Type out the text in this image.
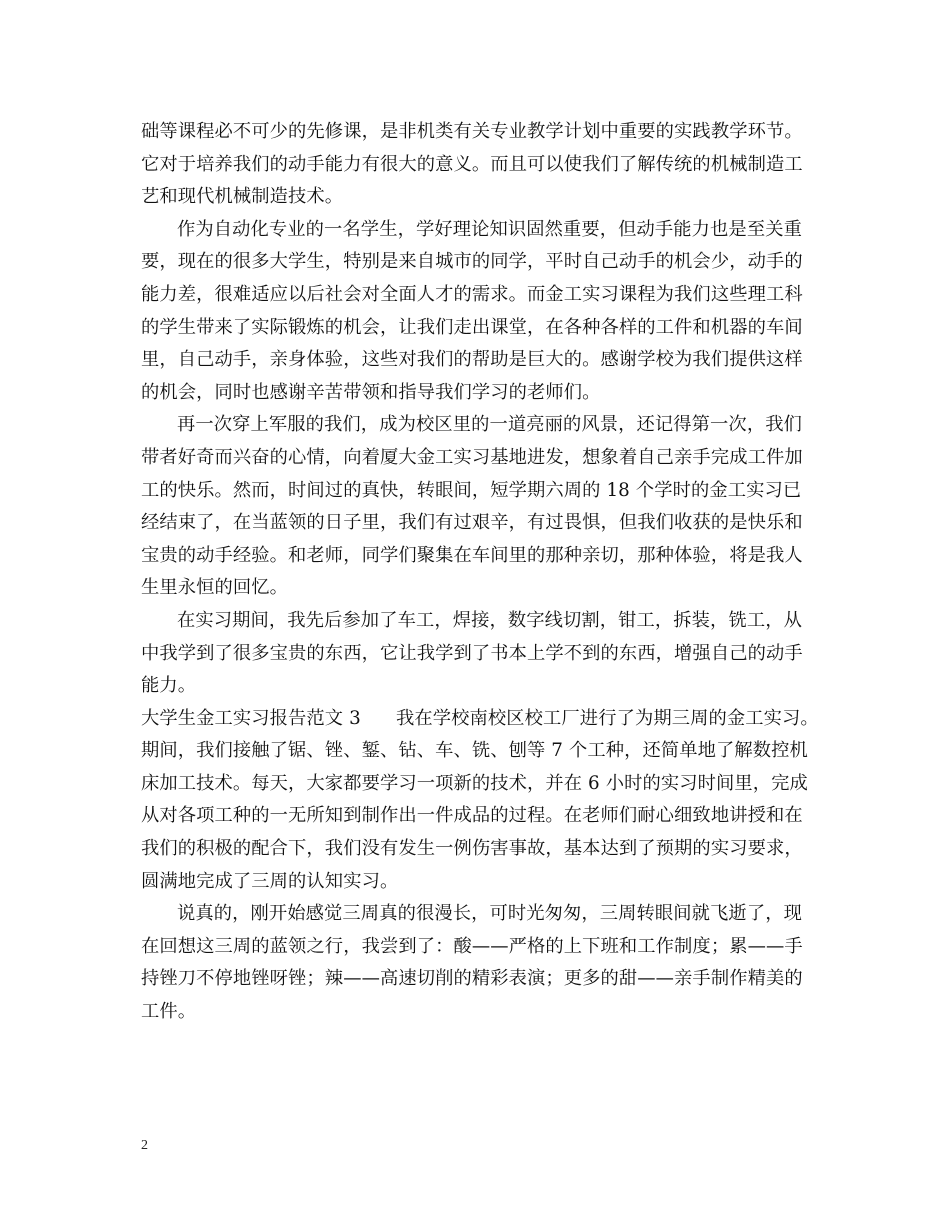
础等课程必不可少的先修课，是非机类有关专业教学计划中重要的实践教学环节。
它对于培养我们的动手能力有很大的意义。而且可以使我们了解传统的机械制造工
艺和现代机械制造技术。
作为自动化专业的一名学生，学好理论知识固然重要，但动手能力也是至关重
要，现在的很多大学生，特别是来自城市的同学，平时自己动手的机会少，动手的
能力差，很难适应以后社会对全面人才的需求。而金工实习课程为我们这些理工科
的学生带来了实际锻炼的机会，让我们走出课堂，在各种各样的工件和机器的车间
里，自己动手，亲身体验，这些对我们的帮助是巨大的。感谢学校为我们提供这样
的机会，同时也感谢辛苦带领和指导我们学习的老师们。
再一次穿上军服的我们，成为校区里的一道亮丽的风景，还记得第一次，我们
带者好奇而兴奋的心情，向着厦大金工实习基地进发，想象着自己亲手完成工件加
工的快乐。然而，时间过的真快，转眼间，短学期六周的 18 个学时的金工实习已
经结束了，在当蓝领的日子里，我们有过艰辛，有过畏惧，但我们收获的是快乐和
宝贵的动手经验。和老师，同学们聚集在车间里的那种亲切，那种体验，将是我人
生里永恒的回忆。
在实习期间，我先后参加了车工，焊接，数字线切割，钳工，拆装，铣工，从
中我学到了很多宝贵的东西，它让我学到了书本上学不到的东西，增强自己的动手
能力。
大学生金工实习报告范文 3 我在学校南校区校工厂进行了为期三周的金工实习。
期间，我们接触了锯、锉、錾、钻、车、铣、刨等 7 个工种，还简单地了解数控机
床加工技术。每天，大家都要学习一项新的技术，并在 6 小时的实习时间里，完成
从对各项工种的一无所知到制作出一件成品的过程。在老师们耐心细致地讲授和在
我们的积极的配合下，我们没有发生一例伤害事故，基本达到了预期的实习要求，
圆满地完成了三周的认知实习。
说真的，刚开始感觉三周真的很漫长，可时光匆匆，三周转眼间就飞逝了，现
在回想这三周的蓝领之行，我尝到了：酸——严格的上下班和工作制度；累——手
持锉刀不停地锉呀锉；辣——高速切削的精彩表演；更多的甜——亲手制作精美的
工件。
2
